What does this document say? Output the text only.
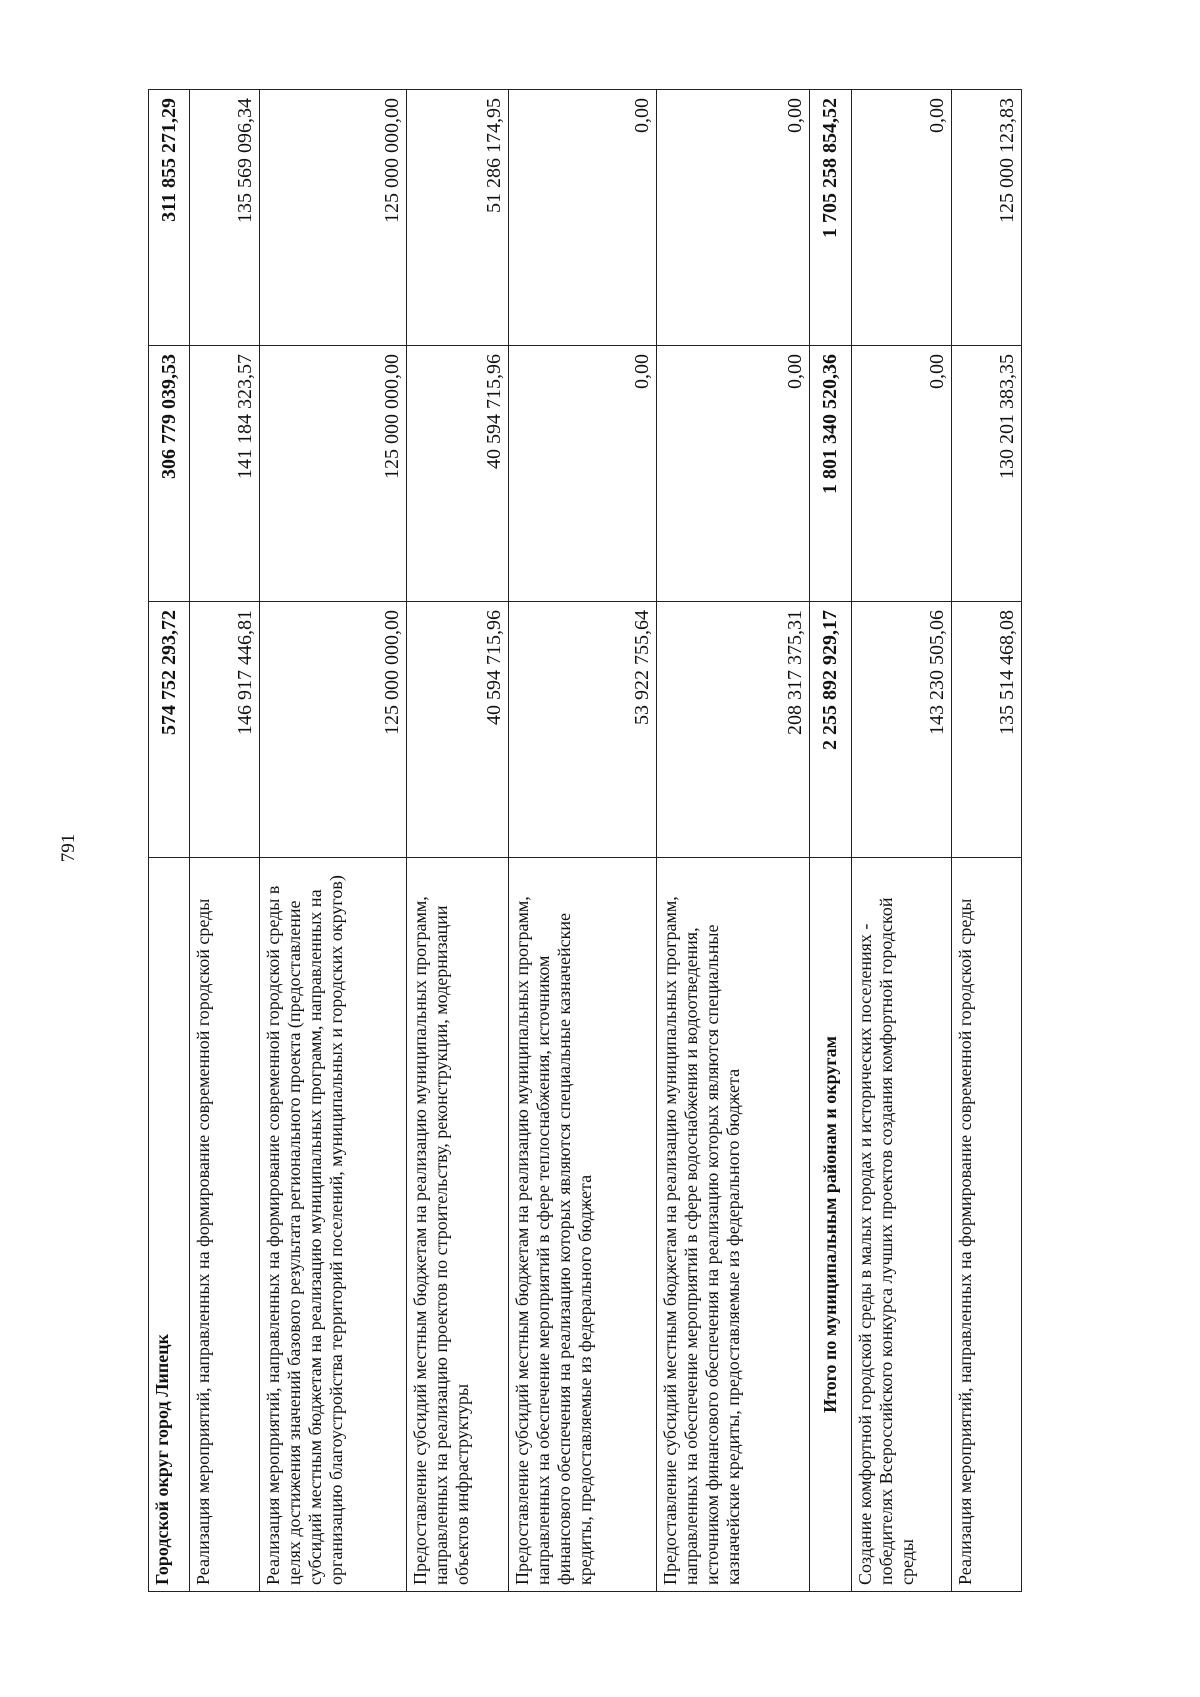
791
Городской округ город Липецк	574 752 293,72	306 779 039,53	311 855 271,29
Реализация мероприятий, направленных на формирование современной городской среды	146 917 446,81	141 184 323,57	135 569 096,34
Реализация мероприятий, направленных на формирование современной городской среды в целях достижения значений базового результата регионального проекта (предоставление субсидий местным бюджетам на реализацию муниципальных программ, направленных на организацию благоустройства территорий поселений, муниципальных и городских округов)	125 000 000,00	125 000 000,00	125 000 000,00
Предоставление субсидий местным бюджетам на реализацию муниципальных программ, направленных на реализацию проектов по строительству, реконструкции, модернизации объектов инфраструктуры	40 594 715,96	40 594 715,96	51 286 174,95
Предоставление субсидий местным бюджетам на реализацию муниципальных программ, направленных на обеспечение мероприятий в сфере теплоснабжения, источником финансового обеспечения на реализацию которых являются специальные казначейские кредиты, предоставляемые из федерального бюджета	53 922 755,64	0,00	0,00
Предоставление субсидий местным бюджетам на реализацию муниципальных программ, направленных на обеспечение мероприятий в сфере водоснабжения и водоотведения, источником финансового обеспечения на реализацию которых являются специальные казначейские кредиты, предоставляемые из федерального бюджета	208 317 375,31	0,00	0,00
Итого по муниципальным районам и округам	2 255 892 929,17	1 801 340 520,36	1 705 258 854,52
Создание комфортной городской среды в малых городах и исторических поселениях - победителях Всероссийского конкурса лучших проектов создания комфортной городской среды	143 230 505,06	0,00	0,00
Реализация мероприятий, направленных на формирование современной городской среды	135 514 468,08	130 201 383,35	125 000 123,83
